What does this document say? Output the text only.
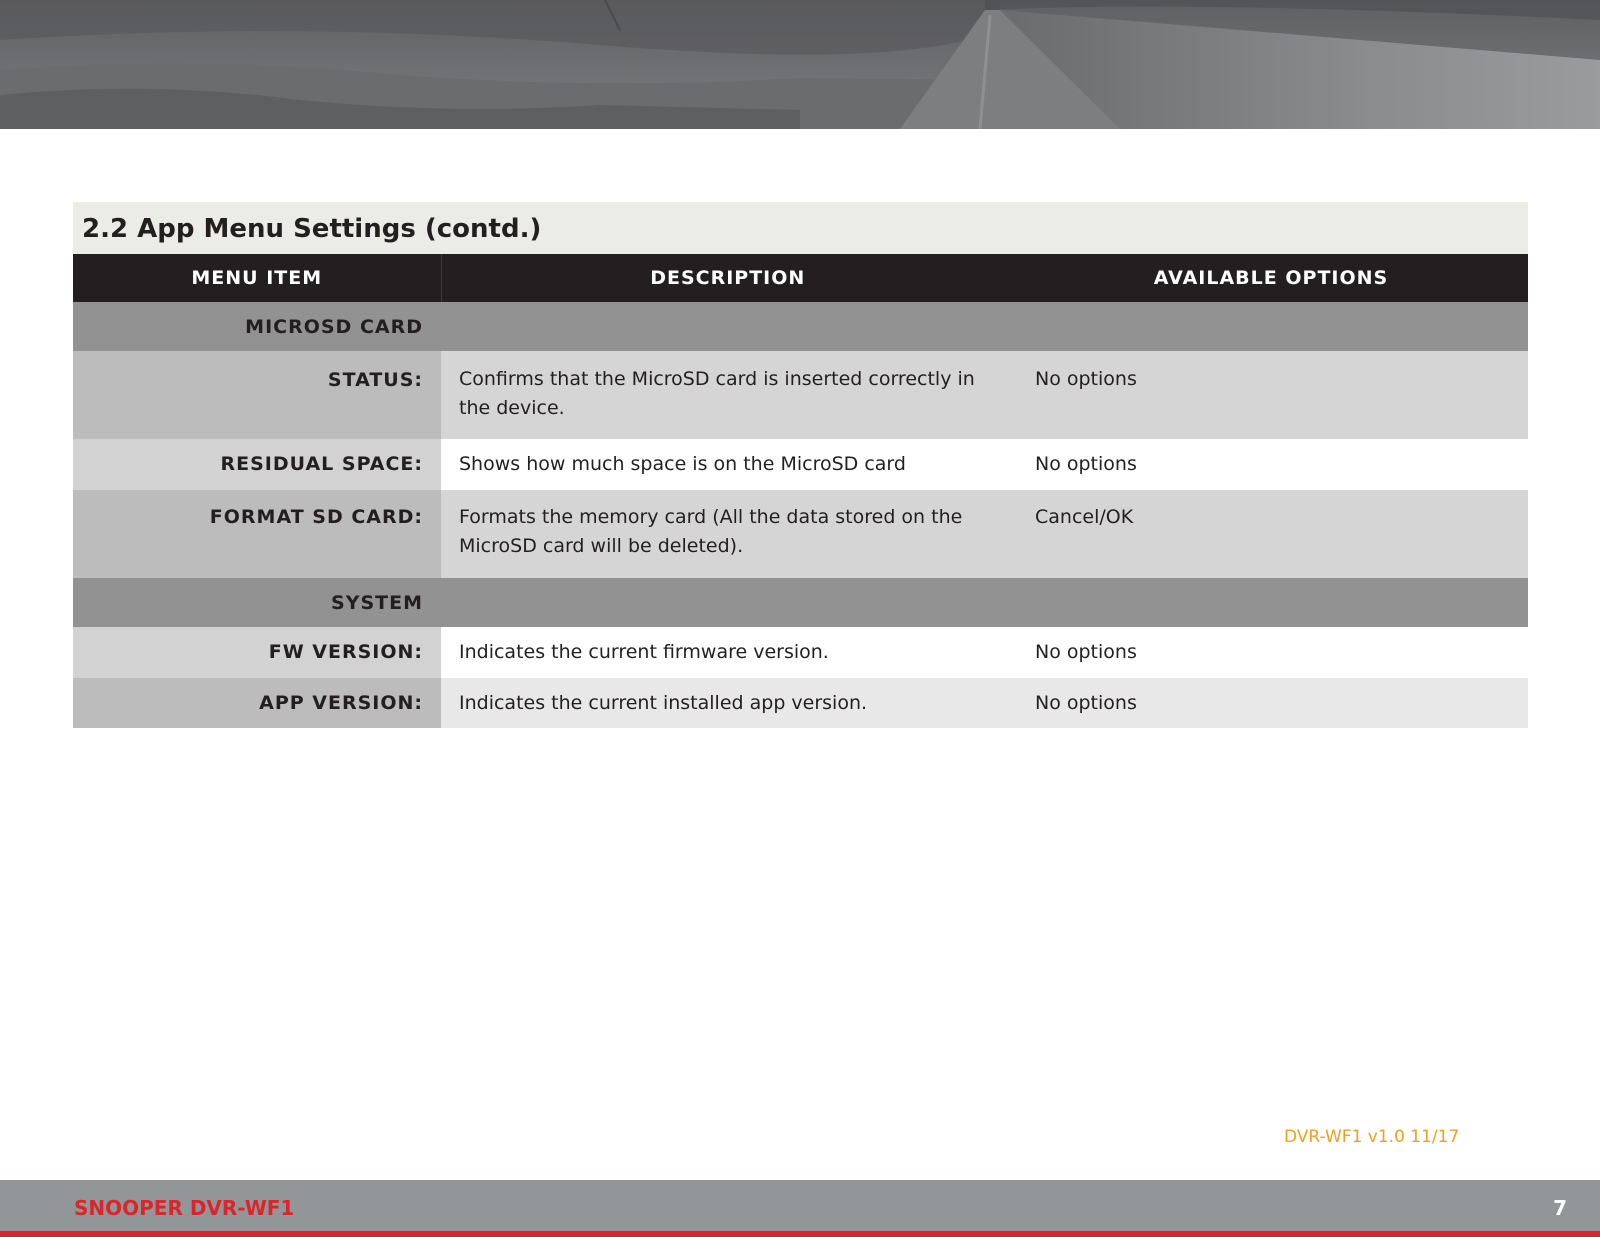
2.2 App Menu Settings (contd.)
MENU ITEM	DESCRIPTION	AVAILABLE OPTIONS
MICROSD CARD		
STATUS:	Confirms that the MicroSD card is inserted correctly in the device.	No options
RESIDUAL SPACE:	Shows how much space is on the MicroSD card	No options
FORMAT SD CARD:	Formats the memory card (All the data stored on the MicroSD card will be deleted).	Cancel/OK
SYSTEM		
FW VERSION:	Indicates the current firmware version.	No options
APP VERSION:	Indicates the current installed app version.	No options
DVR-WF1 v1.0 11/17
SNOOPER DVR-WF1	7
